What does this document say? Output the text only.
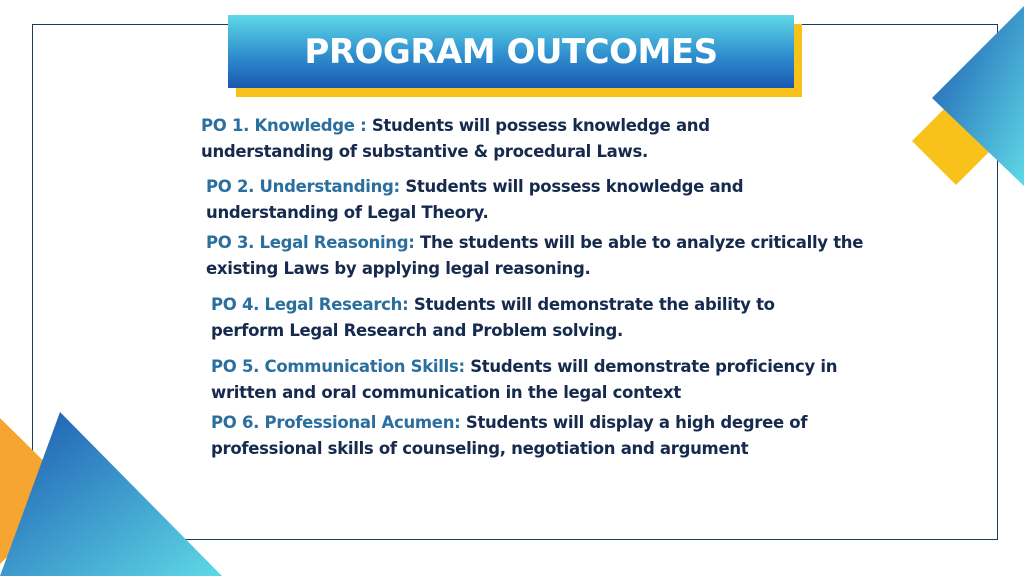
PROGRAM OUTCOMES

PO 1. Knowledge : Students will possess knowledge and understanding of substantive & procedural Laws.

PO 2. Understanding: Students will possess knowledge and understanding of Legal Theory.

PO 3. Legal Reasoning: The students will be able to analyze critically the existing Laws by applying legal reasoning.

PO 4. Legal Research: Students will demonstrate the ability to perform Legal Research and Problem solving.

PO 5. Communication Skills: Students will demonstrate proficiency in written and oral communication in the legal context

PO 6. Professional Acumen: Students will display a high degree of professional skills of counseling, negotiation and argument
